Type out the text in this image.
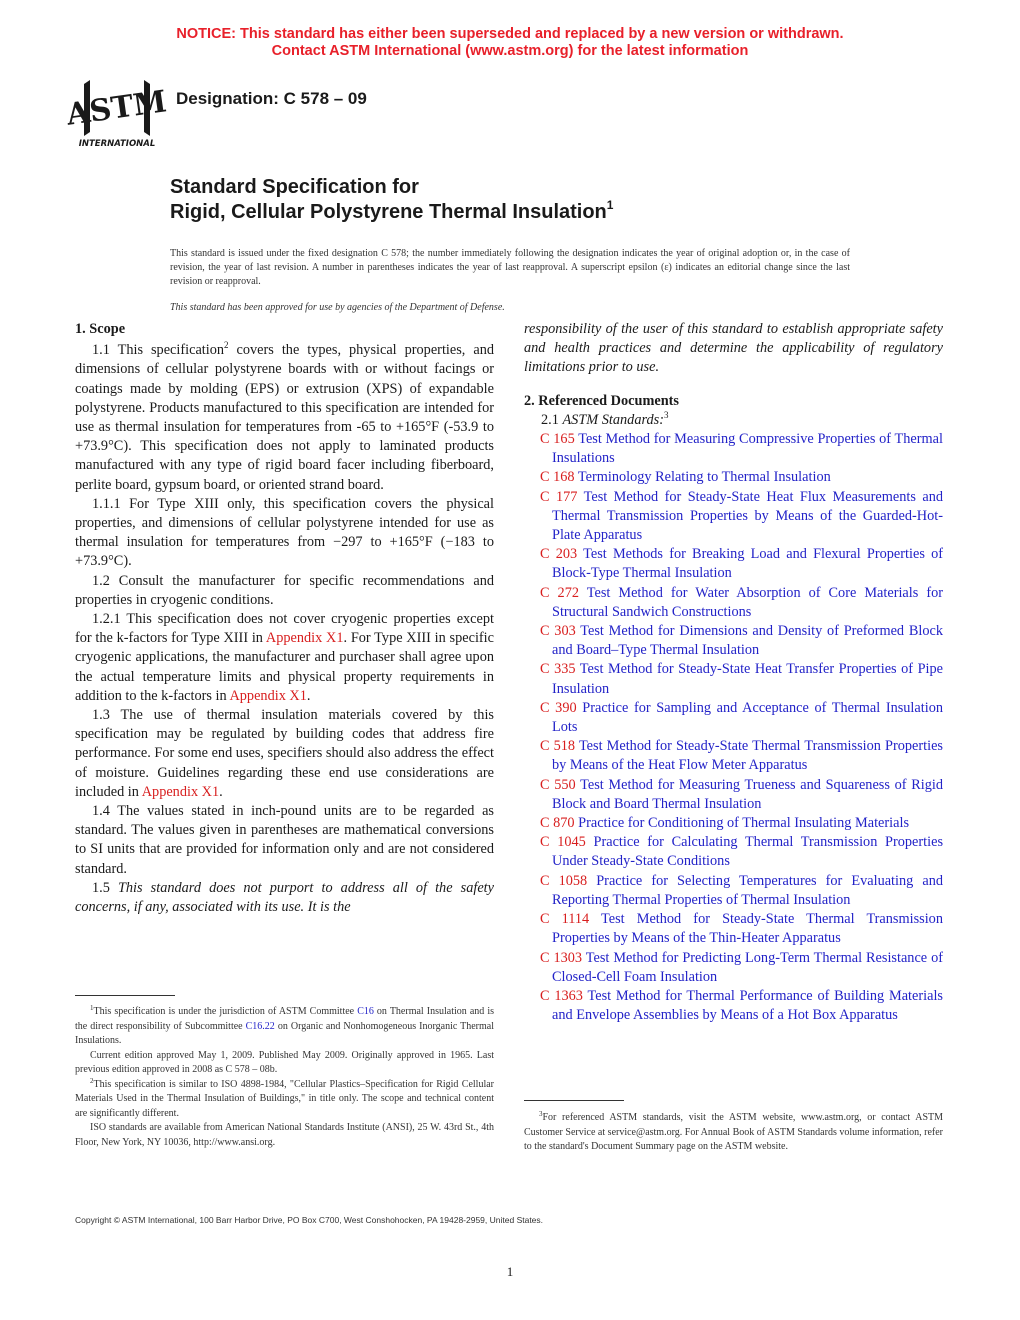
NOTICE: This standard has either been superseded and replaced by a new version or withdrawn.
Contact ASTM International (www.astm.org) for the latest information
ASTM
INTERNATIONAL
Designation: C 578 – 09
Standard Specification for
Rigid, Cellular Polystyrene Thermal Insulation$^1$
This standard is issued under the fixed designation C 578; the number immediately following the designation indicates the year of original adoption or, in the case of revision, the year of last revision. A number in parentheses indicates the year of last reapproval. A superscript epsilon (ε) indicates an editorial change since the last revision or reapproval.
This standard has been approved for use by agencies of the Department of Defense.
1. Scope

1.1 This specification$^2$ covers the types, physical properties, and dimensions of cellular polystyrene boards with or without facings or coatings made by molding (EPS) or extrusion (XPS) of expandable polystyrene. Products manufactured to this specification are intended for use as thermal insulation for temperatures from -65 to +165°F (-53.9 to +73.9°C). This specification does not apply to laminated products manufactured with any type of rigid board facer including fiberboard, perlite board, gypsum board, or oriented strand board.

1.1.1 For Type XIII only, this specification covers the physical properties, and dimensions of cellular polystyrene intended for use as thermal insulation for temperatures from −297 to +165°F (−183 to +73.9°C).

1.2 Consult the manufacturer for specific recommendations and properties in cryogenic conditions.

1.2.1 This specification does not cover cryogenic properties except for the k-factors for Type XIII in Appendix X1. For Type XIII in specific cryogenic applications, the manufacturer and purchaser shall agree upon the actual temperature limits and physical property requirements in addition to the k-factors in Appendix X1.

1.3 The use of thermal insulation materials covered by this specification may be regulated by building codes that address fire performance. For some end uses, specifiers should also address the effect of moisture. Guidelines regarding these end use considerations are included in Appendix X1.

1.4 The values stated in inch-pound units are to be regarded as standard. The values given in parentheses are mathematical conversions to SI units that are provided for information only and are not considered standard.

1.5 This standard does not purport to address all of the safety concerns, if any, associated with its use. It is the

responsibility of the user of this standard to establish appropriate safety and health practices and determine the applicability of regulatory limitations prior to use.

2. Referenced Documents

2.1 ASTM Standards:$^3$

C 165 Test Method for Measuring Compressive Properties of Thermal Insulations
C 168 Terminology Relating to Thermal Insulation
C 177 Test Method for Steady-State Heat Flux Measurements and Thermal Transmission Properties by Means of the Guarded-Hot-Plate Apparatus
C 203 Test Methods for Breaking Load and Flexural Properties of Block-Type Thermal Insulation
C 272 Test Method for Water Absorption of Core Materials for Structural Sandwich Constructions
C 303 Test Method for Dimensions and Density of Preformed Block and Board–Type Thermal Insulation
C 335 Test Method for Steady-State Heat Transfer Properties of Pipe Insulation
C 390 Practice for Sampling and Acceptance of Thermal Insulation Lots
C 518 Test Method for Steady-State Thermal Transmission Properties by Means of the Heat Flow Meter Apparatus
C 550 Test Method for Measuring Trueness and Squareness of Rigid Block and Board Thermal Insulation
C 870 Practice for Conditioning of Thermal Insulating Materials
C 1045 Practice for Calculating Thermal Transmission Properties Under Steady-State Conditions
C 1058 Practice for Selecting Temperatures for Evaluating and Reporting Thermal Properties of Thermal Insulation
C 1114 Test Method for Steady-State Thermal Transmission Properties by Means of the Thin-Heater Apparatus
C 1303 Test Method for Predicting Long-Term Thermal Resistance of Closed-Cell Foam Insulation
C 1363 Test Method for Thermal Performance of Building Materials and Envelope Assemblies by Means of a Hot Box Apparatus

$^1$This specification is under the jurisdiction of ASTM Committee C16 on Thermal Insulation and is the direct responsibility of Subcommittee C16.22 on Organic and Nonhomogeneous Inorganic Thermal Insulations.

Current edition approved May 1, 2009. Published May 2009. Originally approved in 1965. Last previous edition approved in 2008 as C 578 – 08b.

$^2$This specification is similar to ISO 4898-1984, "Cellular Plastics–Specification for Rigid Cellular Materials Used in the Thermal Insulation of Buildings," in title only. The scope and technical content are significantly different.

ISO standards are available from American National Standards Institute (ANSI), 25 W. 43rd St., 4th Floor, New York, NY 10036, http://www.ansi.org.

$^3$For referenced ASTM standards, visit the ASTM website, www.astm.org, or contact ASTM Customer Service at service@astm.org. For Annual Book of ASTM Standards volume information, refer to the standard's Document Summary page on the ASTM website.

Copyright © ASTM International, 100 Barr Harbor Drive, PO Box C700, West Conshohocken, PA 19428-2959, United States.
1
